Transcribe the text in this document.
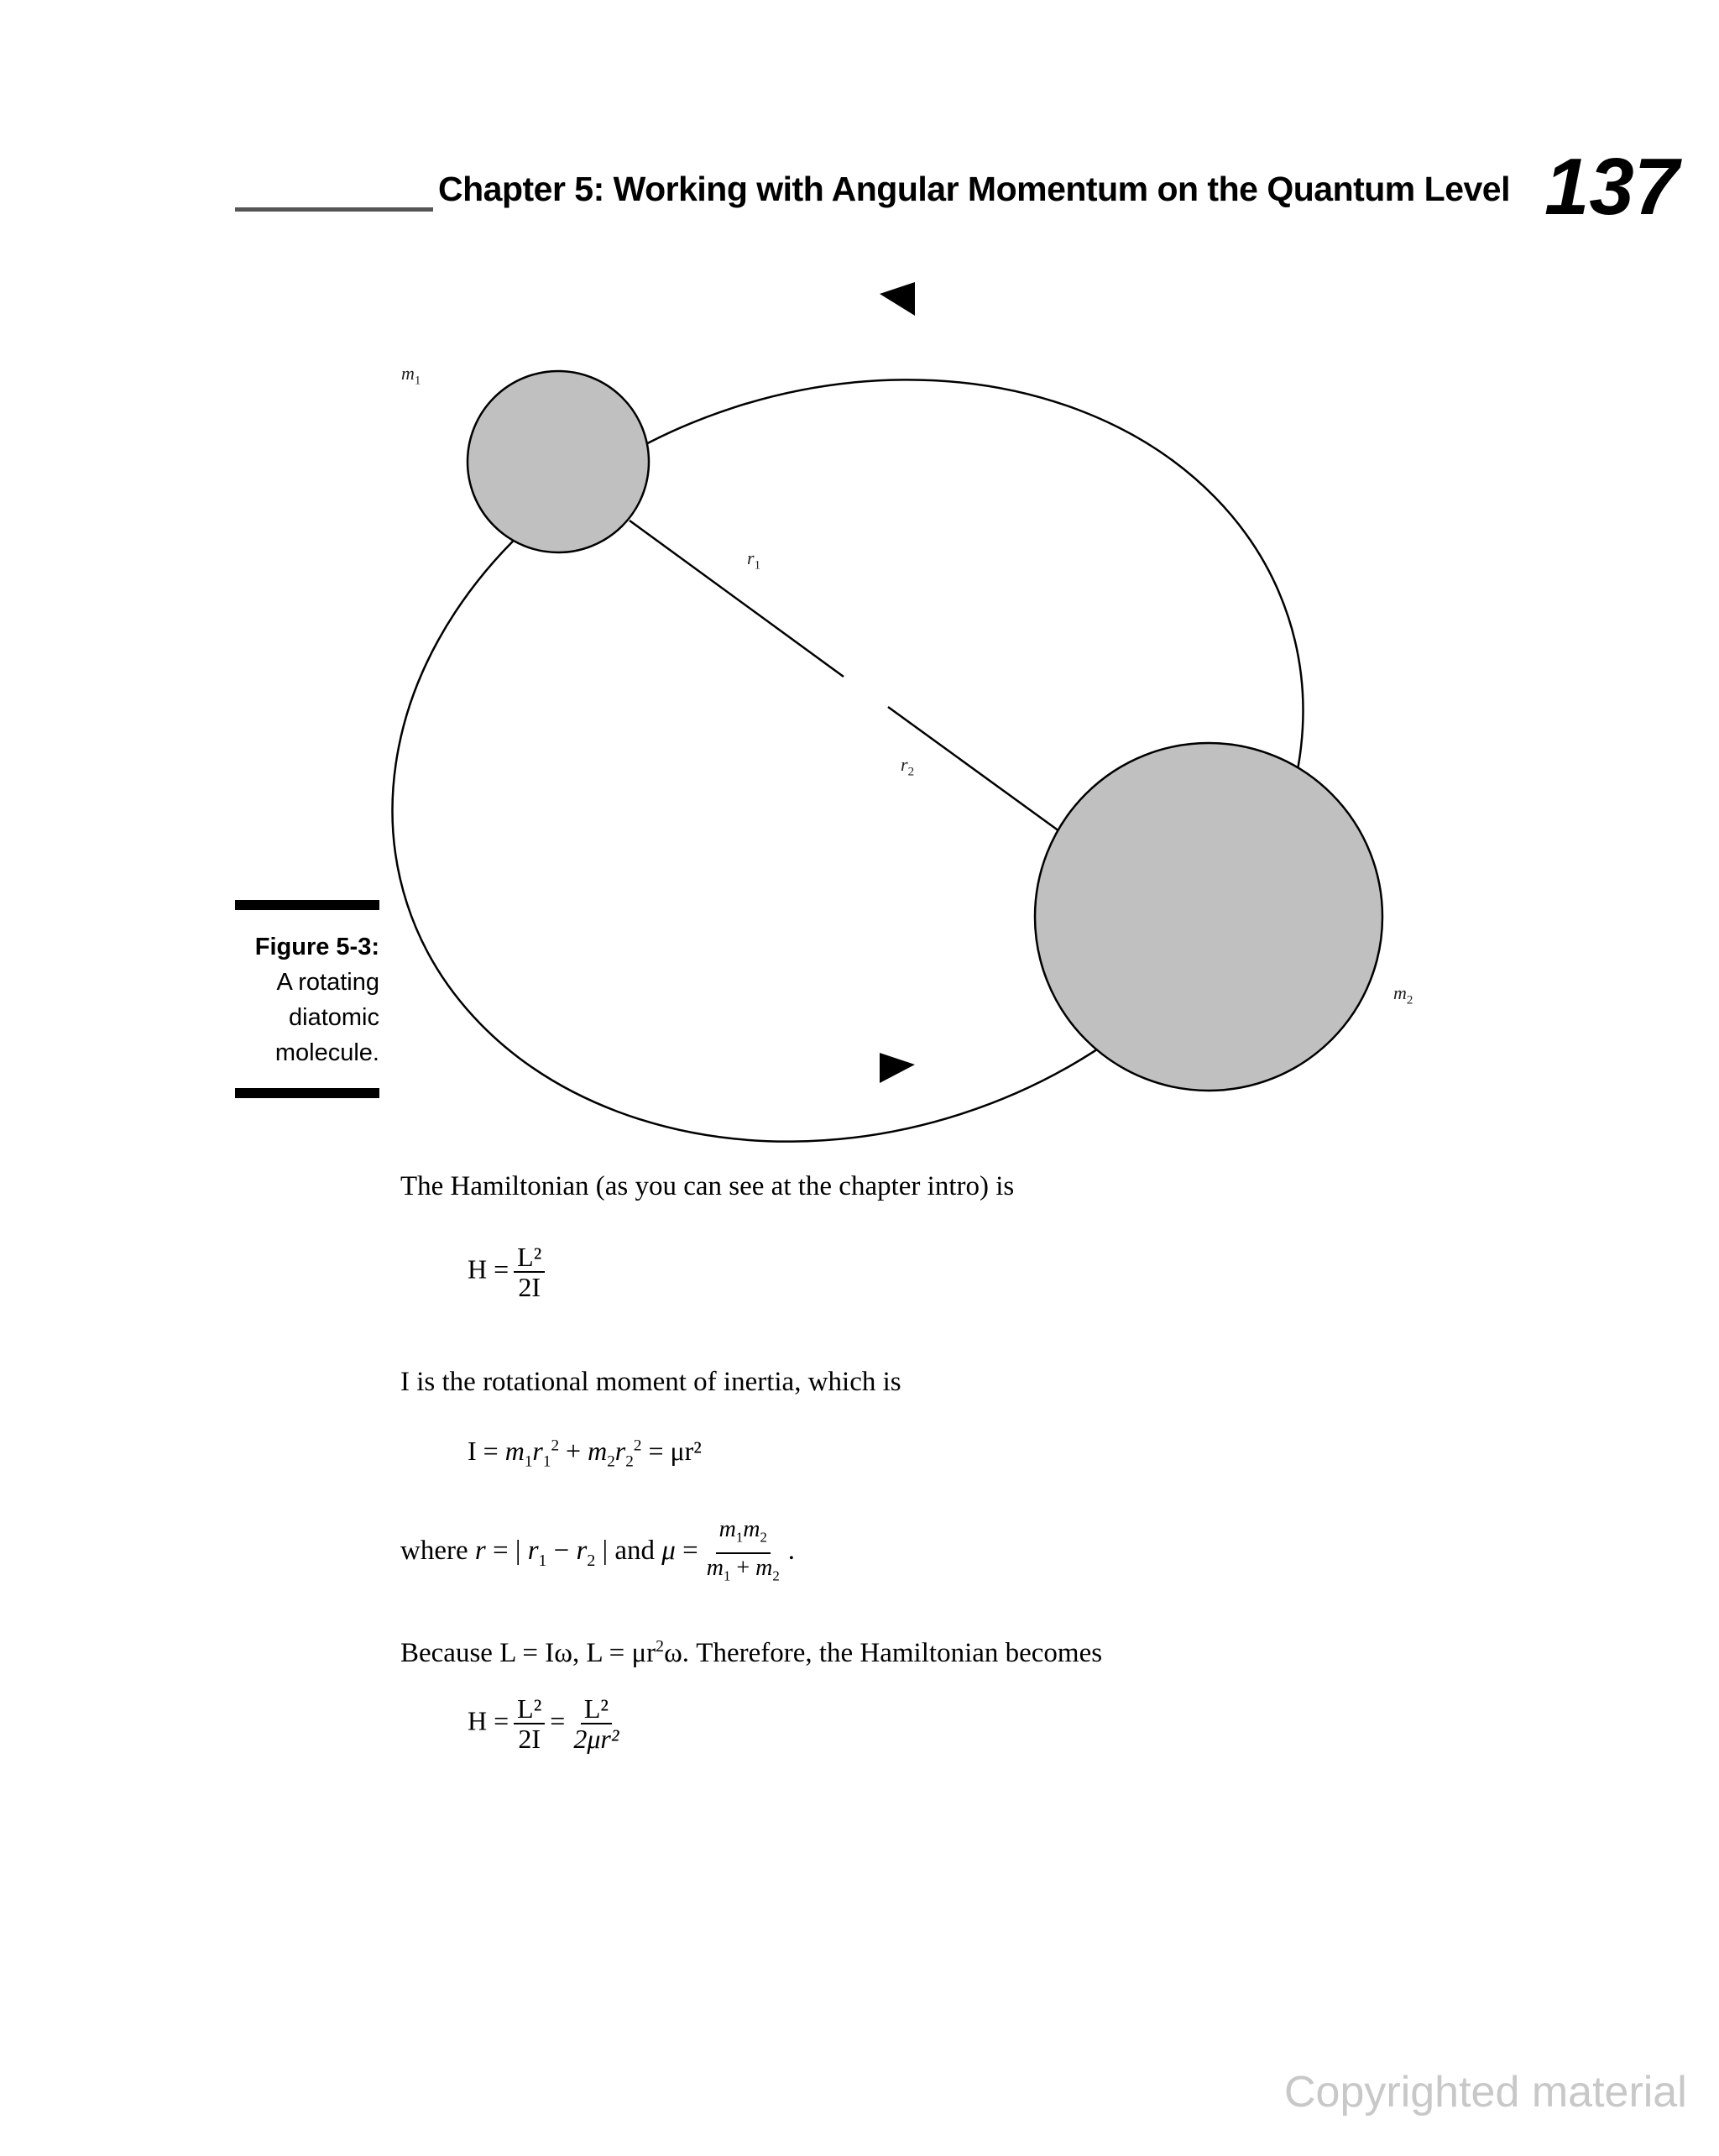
Chapter 5: Working with Angular Momentum on the Quantum Level 137
$m_1$
$r_1$
$r_2$
$m_2$
Figure 5-3:
A rotating diatomic molecule.
The Hamiltonian (as you can see at the chapter intro) is
$H = \frac{\text{L²}}{2I}$
I is the rotational moment of inertia, which is
$I = m_1r_1^2 + m_2r_2^2 = \mu r^2$
where r = | $r_1 - r_2$ | and $\mu = \frac{m_1m_2}{m_1 + m_2}$ .
Because L = Iω, $L = \mu r^2\omega$. Therefore, the Hamiltonian becomes
$H = \frac{\text{L²}}{2I} = \frac{\text{L²}}{\text{2μr²}}$
Copyrighted material
